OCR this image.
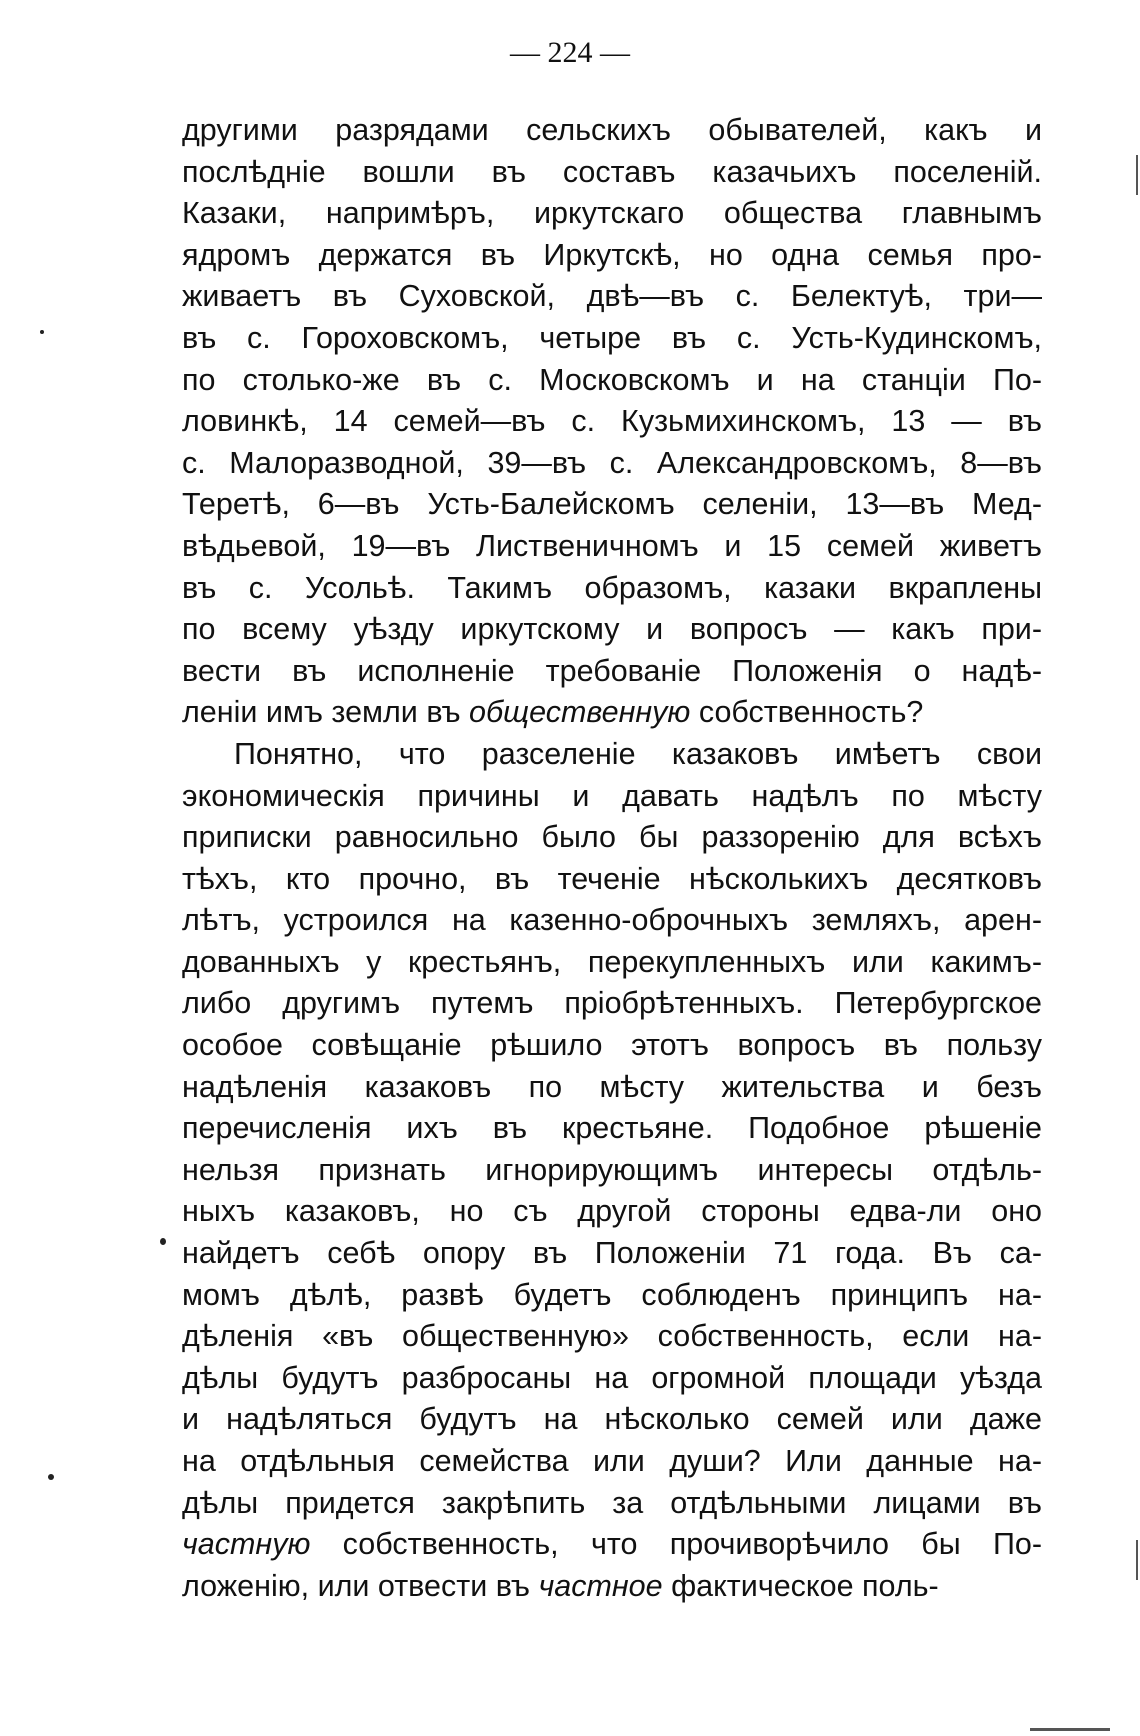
— 224 —
другими разрядами сельскихъ обывателей, какъ и
послѣдніе вошли въ составъ казачьихъ поселеній.
Казаки, напримѣръ, иркутскаго общества главнымъ
ядромъ держатся въ Иркутскѣ, но одна семья про-
живаетъ въ Суховской, двѣ—въ с. Белектуѣ, три—
въ с. Гороховскомъ, четыре въ с. Усть-Кудинскомъ,
по столько-же въ с. Московскомъ и на станціи По-
ловинкѣ, 14 семей—въ с. Кузьмихинскомъ, 13 — въ
с. Малоразводной, 39—въ с. Александровскомъ, 8—въ
Теретѣ, 6—въ Усть-Балейскомъ селеніи, 13—въ Мед-
вѣдьевой, 19—въ Лиственичномъ и 15 семей живетъ
въ с. Усольѣ. Такимъ образомъ, казаки вкраплены
по всему уѣзду иркутскому и вопросъ — какъ при-
вести въ исполненіе требованіе Положенія о надѣ-
леніи имъ земли въ общественную собственность?
Понятно, что разселеніе казаковъ имѣетъ свои
экономическія причины и давать надѣлъ по мѣсту
приписки равносильно было бы раззоренію для всѣхъ
тѣхъ, кто прочно, въ теченіе нѣсколькихъ десятковъ
лѣтъ, устроился на казенно-оброчныхъ земляхъ, арен-
дованныхъ у крестьянъ, перекупленныхъ или какимъ-
либо другимъ путемъ пріобрѣтенныхъ. Петербургское
особое совѣщаніе рѣшило этотъ вопросъ въ пользу
надѣленія казаковъ по мѣсту жительства и безъ
перечисленія ихъ въ крестьяне. Подобное рѣшеніе
нельзя признать игнорирующимъ интересы отдѣль-
ныхъ казаковъ, но съ другой стороны едва-ли оно
найдетъ себѣ опору въ Положеніи 71 года. Въ са-
момъ дѣлѣ, развѣ будетъ соблюденъ принципъ на-
дѣленія «въ общественную» собственность, если на-
дѣлы будутъ разбросаны на огромной площади уѣзда
и надѣляться будутъ на нѣсколько семей или даже
на отдѣльныя семейства или души? Или данные на-
дѣлы придется закрѣпить за отдѣльными лицами въ
частную собственность, что прочиворѣчило бы По-
ложенію, или отвести въ частное фактическое поль-
